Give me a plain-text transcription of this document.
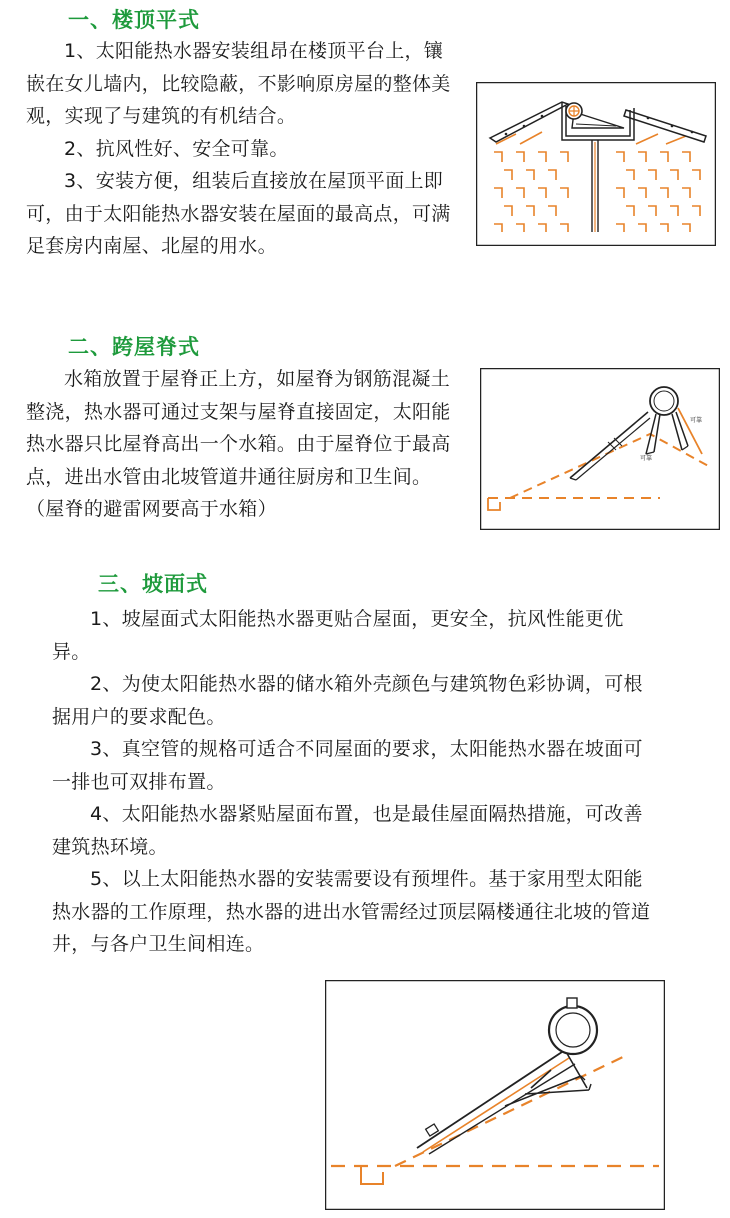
一、楼顶平式

1、太阳能热水器安装组昂在楼顶平台上，镶嵌在女儿墙内，比较隐蔽，不影响原房屋的整体美观，实现了与建筑的有机结合。

2、抗风性好、安全可靠。

3、安装方便，组装后直接放在屋顶平面上即可，由于太阳能热水器安装在屋面的最高点，可满足套房内南屋、北屋的用水。

二、跨屋脊式

水箱放置于屋脊正上方，如屋脊为钢筋混凝土整浇，热水器可通过支架与屋脊直接固定，太阳能热水器只比屋脊高出一个水箱。由于屋脊位于最高点，进出水管由北坡管道井通往厨房和卫生间。（屋脊的避雷网要高于水箱）

可靠
可靠
三、坡面式

1、坡屋面式太阳能热水器更贴合屋面，更安全，抗风性能更优异。

2、为使太阳能热水器的储水箱外壳颜色与建筑物色彩协调，可根据用户的要求配色。

3、真空管的规格可适合不同屋面的要求，太阳能热水器在坡面可一排也可双排布置。

4、太阳能热水器紧贴屋面布置，也是最佳屋面隔热措施，可改善建筑热环境。

5、以上太阳能热水器的安装需要设有预埋件。基于家用型太阳能热水器的工作原理，热水器的进出水管需经过顶层隔楼通往北坡的管道井，与各户卫生间相连。
